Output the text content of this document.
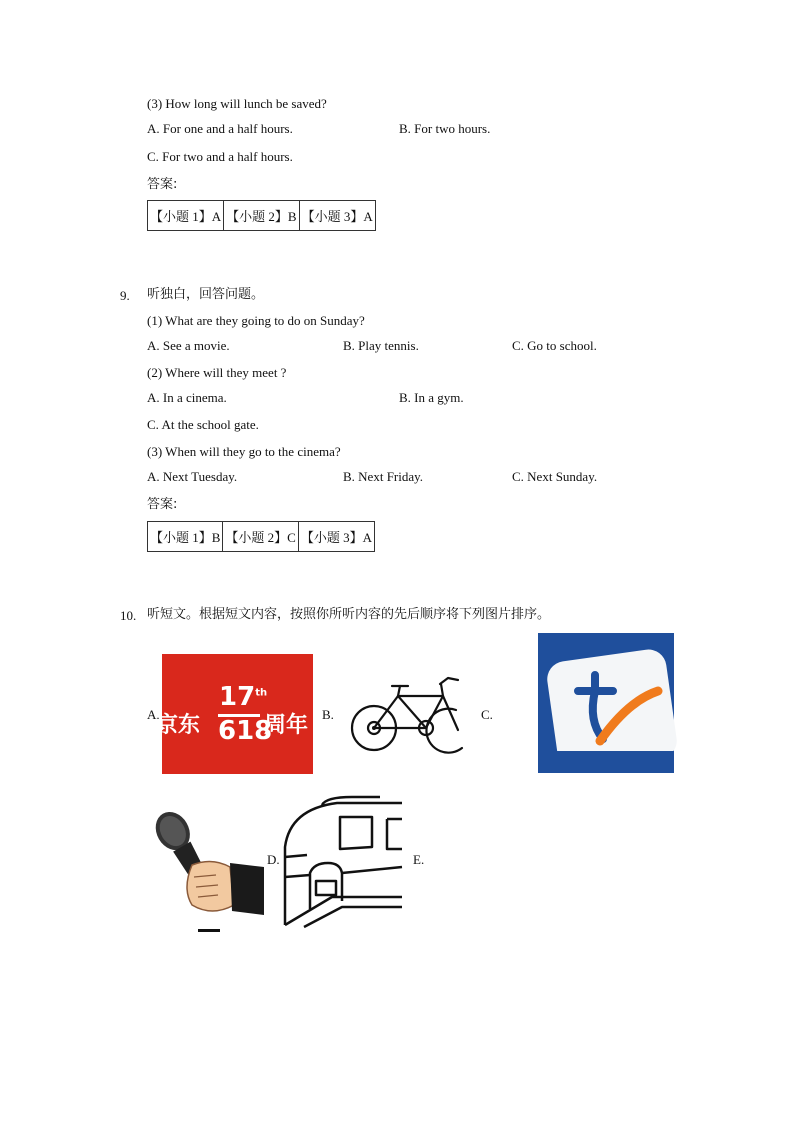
(3) How long will lunch be saved?
A. For one and a half hours.	B. For two hours.
C. For two and a half hours.
答案:
【小题 1】A	【小题 2】B	【小题 3】A
9. 听独白，回答问题。
(1) What are they going to do on Sunday?
A. See a movie.	B. Play tennis.	C. Go to school.
(2) Where will they meet ?
A. In a cinema.	B. In a gym.
C. At the school gate.
(3) When will they go to the cinema?
A. Next Tuesday.	B. Next Friday.	C. Next Sunday.
答案:
【小题 1】B	【小题 2】C	【小题 3】A
10. 听短文。根据短文内容，按照你所听内容的先后顺序将下列图片排序。
A.	B.	C.
D.	E.
京东
17th
618
周年
